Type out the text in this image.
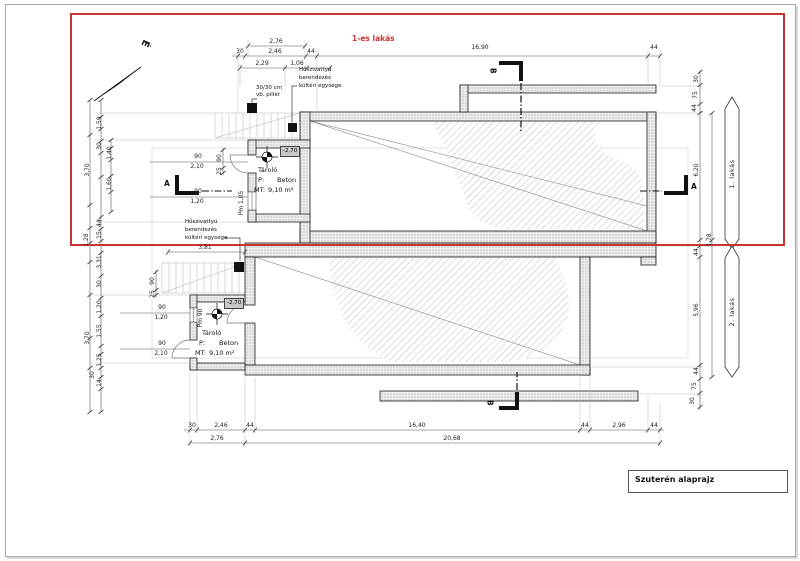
1-es lakás
É
A	A
B
B
1. lakás
2. lakás
30/30 cm
vb. pillér
Hőszivattyú
berendezés
kültéri egysége
Hőszivattyú
berendezés
kültéri egysége
Tároló
P: Beton
MT: 9,10 m²
-2,70
Tároló
P: Beton
MT: 9,10 m²
-2,70
2,76
30	2,46	44
2,29	1,06
16,90	44
30	2,46	44	16,40	44	2,96	44
2,76	20,68
1,59
30
1,40
3,70
1,60
44
15
1,28
3,31
30
1,20
1,55
3,70
1,25
30
14
30
75
44
6,20
1,78
44
5,96
44
75
30
3,81
90
25
90
25
90
2,10
90
1,20	Pm 1,05
90
1,20	Pm 90
90
2,10
Szuterén alaprajz
